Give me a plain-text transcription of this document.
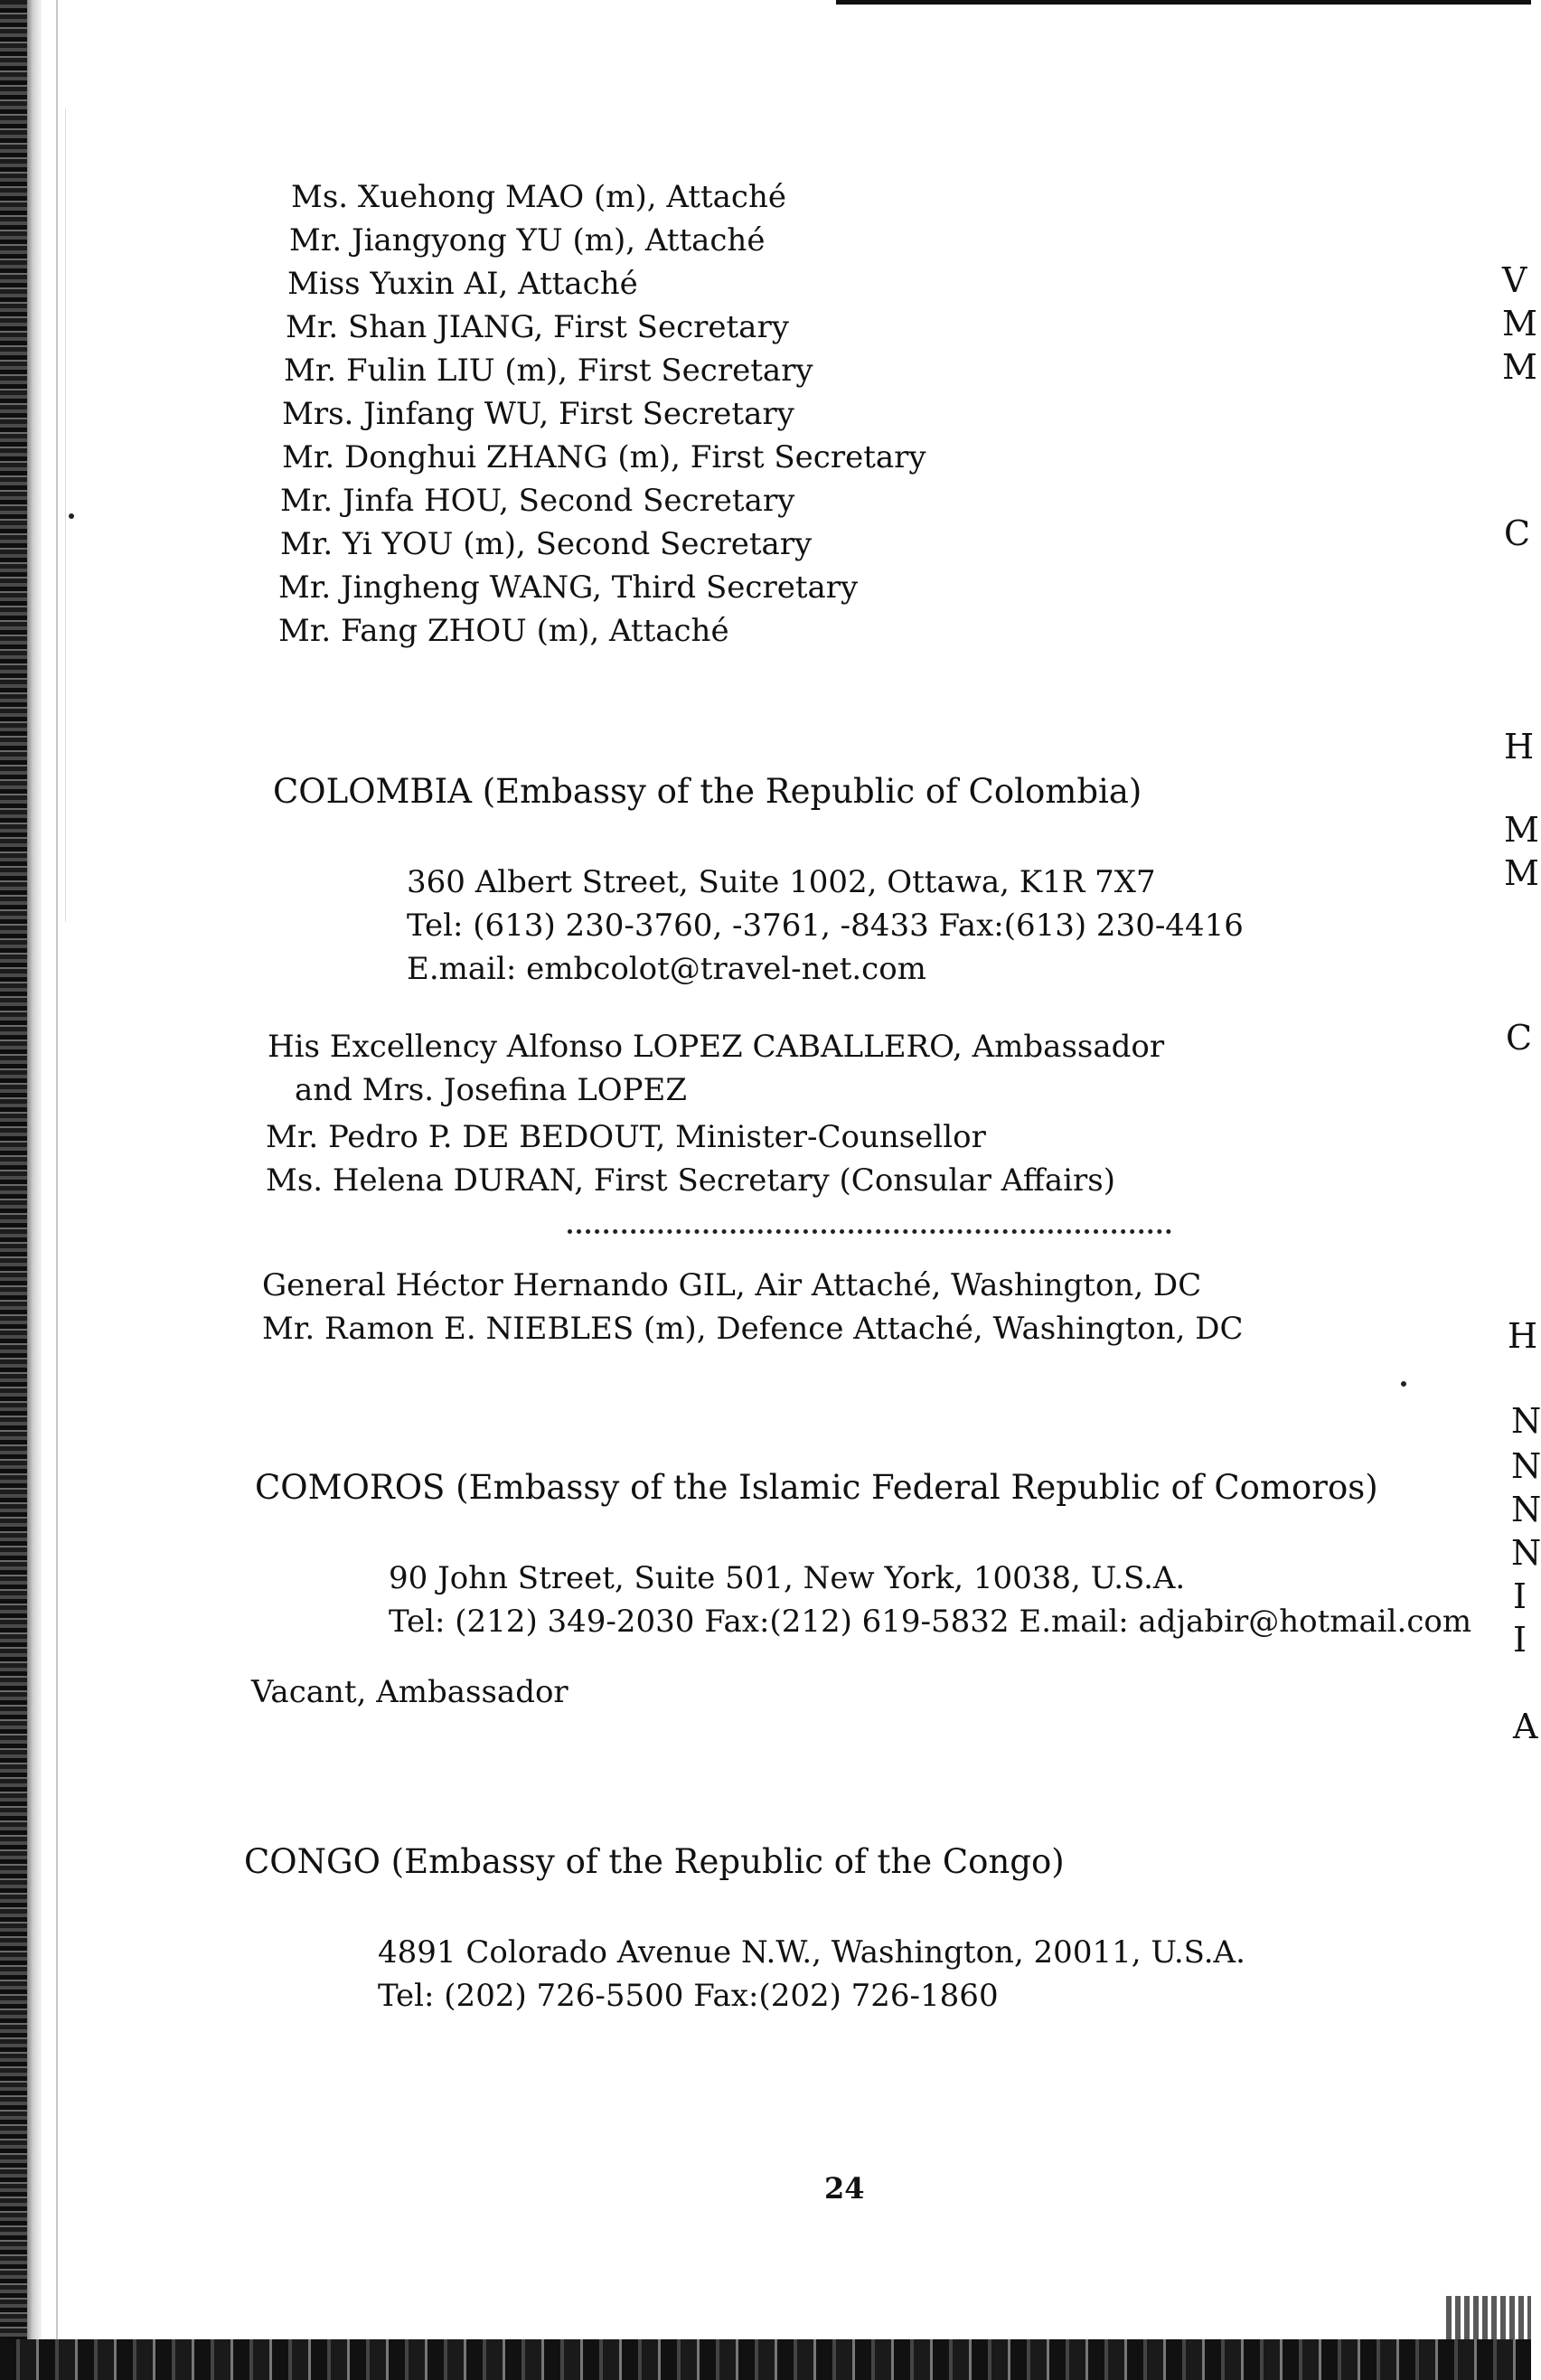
Ms. Xuehong MAO (m), Attaché
Mr. Jiangyong YU (m), Attaché
Miss Yuxin AI, Attaché
Mr. Shan JIANG, First Secretary
Mr. Fulin LIU (m), First Secretary
Mrs. Jinfang WU, First Secretary
Mr. Donghui ZHANG (m), First Secretary
Mr. Jinfa HOU, Second Secretary
Mr. Yi YOU (m), Second Secretary
Mr. Jingheng WANG, Third Secretary
Mr. Fang ZHOU (m), Attaché
COLOMBIA (Embassy of the Republic of Colombia)
360 Albert Street, Suite 1002, Ottawa, K1R 7X7
Tel: (613) 230-3760, -3761, -8433 Fax:(613) 230-4416
E.mail: embcolot@travel-net.com
His Excellency Alfonso LOPEZ CABALLERO, Ambassador
and Mrs. Josefina LOPEZ
Mr. Pedro P. DE BEDOUT, Minister-Counsellor
Ms. Helena DURAN, First Secretary (Consular Affairs)
General Héctor Hernando GIL, Air Attaché, Washington, DC
Mr. Ramon E. NIEBLES (m), Defence Attaché, Washington, DC
COMOROS (Embassy of the Islamic Federal Republic of Comoros)
90 John Street, Suite 501, New York, 10038, U.S.A.
Tel: (212) 349-2030 Fax:(212) 619-5832 E.mail: adjabir@hotmail.com
Vacant, Ambassador
CONGO (Embassy of the Republic of the Congo)
4891 Colorado Avenue N.W., Washington, 20011, U.S.A.
Tel: (202) 726-5500 Fax:(202) 726-1860
V
M
M
C
H
M
M
C
H
N
N
N
N
I
I
A
24
